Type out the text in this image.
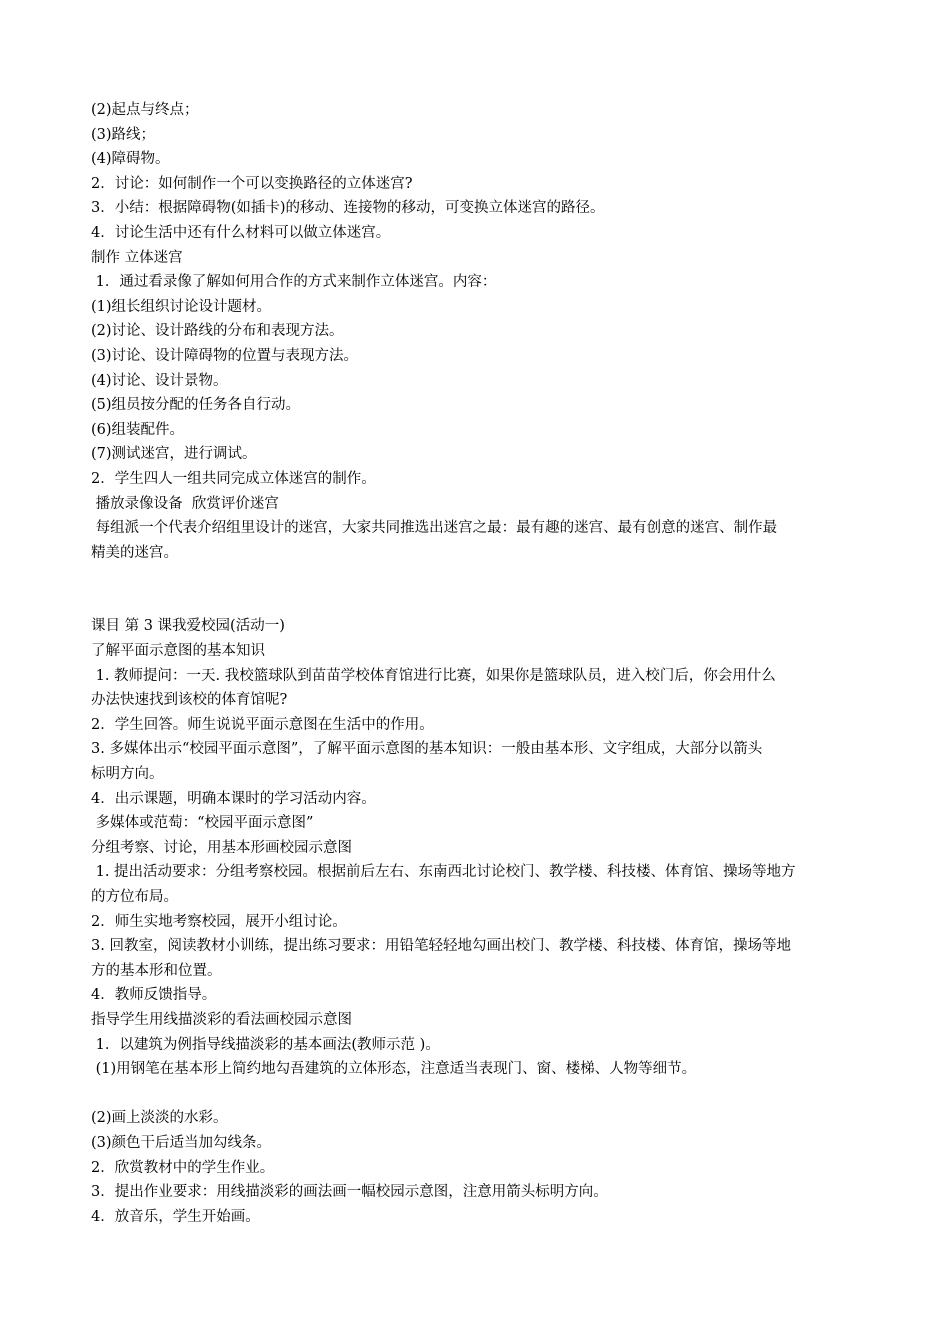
(2)起点与终点；

(3)路线；

(4)障碍物。

2．讨论：如何制作一个可以变换路径的立体迷宫?

3．小结：根据障碍物(如插卡)的移动、连接物的移动，可变换立体迷宫的路径。

4．讨论生活中还有什么材料可以做立体迷宫。

制作 立体迷宫

1．通过看录像了解如何用合作的方式来制作立体迷宫。内容：

(1)组长组织讨论设计题材。

(2)讨论、设计路线的分布和表现方法。

(3)讨论、设计障碍物的位置与表现方法。

(4)讨论、设计景物。

(5)组员按分配的任务各自行动。

(6)组装配件。

(7)测试迷宫，进行调试。

2．学生四人一组共同完成立体迷宫的制作。

播放录像设备  欣赏评价迷宫

每组派一个代表介绍组里设计的迷宫，大家共同推选出迷宫之最：最有趣的迷宫、最有创意的迷宫、制作最

精美的迷宫。

课目 第 3 课我爱校园(活动一)

了解平面示意图的基本知识

1. 教师提问：一天. 我校篮球队到苗苗学校体育馆进行比赛，如果你是篮球队员，进入校门后，你会用什么

办法快速找到该校的体育馆呢?

2．学生回答。师生说说平面示意图在生活中的作用。

3. 多媒体出示“校园平面示意图”，了解平面示意图的基本知识：一般由基本形、文字组成，大部分以箭头

标明方向。

4．出示课题，明确本课时的学习活动内容。

多媒体或范萄：“校园平面示意图”

分组考察、讨论，用基本形画校园示意图

1. 提出活动要求：分组考察校园。根据前后左右、东南西北讨论校门、教学楼、科技楼、体育馆、操场等地方

的方位布局。

2．师生实地考察校园，展开小组讨论。

3. 回教室，阅读教材小训练，提出练习要求：用铅笔轻轻地勾画出校门、教学楼、科技楼、体育馆，操场等地

方的基本形和位置。

4．教师反馈指导。

指导学生用线描淡彩的看法画校园示意图

1．以建筑为例指导线描淡彩的基本画法(教师示范 )。

(1)用钢笔在基本形上简约地勾吾建筑的立体形态，注意适当表现门、窗、楼梯、人物等细节。

(2)画上淡淡的水彩。

(3)颜色干后适当加勾线条。

2．欣赏教材中的学生作业。

3．提出作业要求：用线描淡彩的画法画一幅校园示意图，注意用箭头标明方向。

4．放音乐，学生开始画。
